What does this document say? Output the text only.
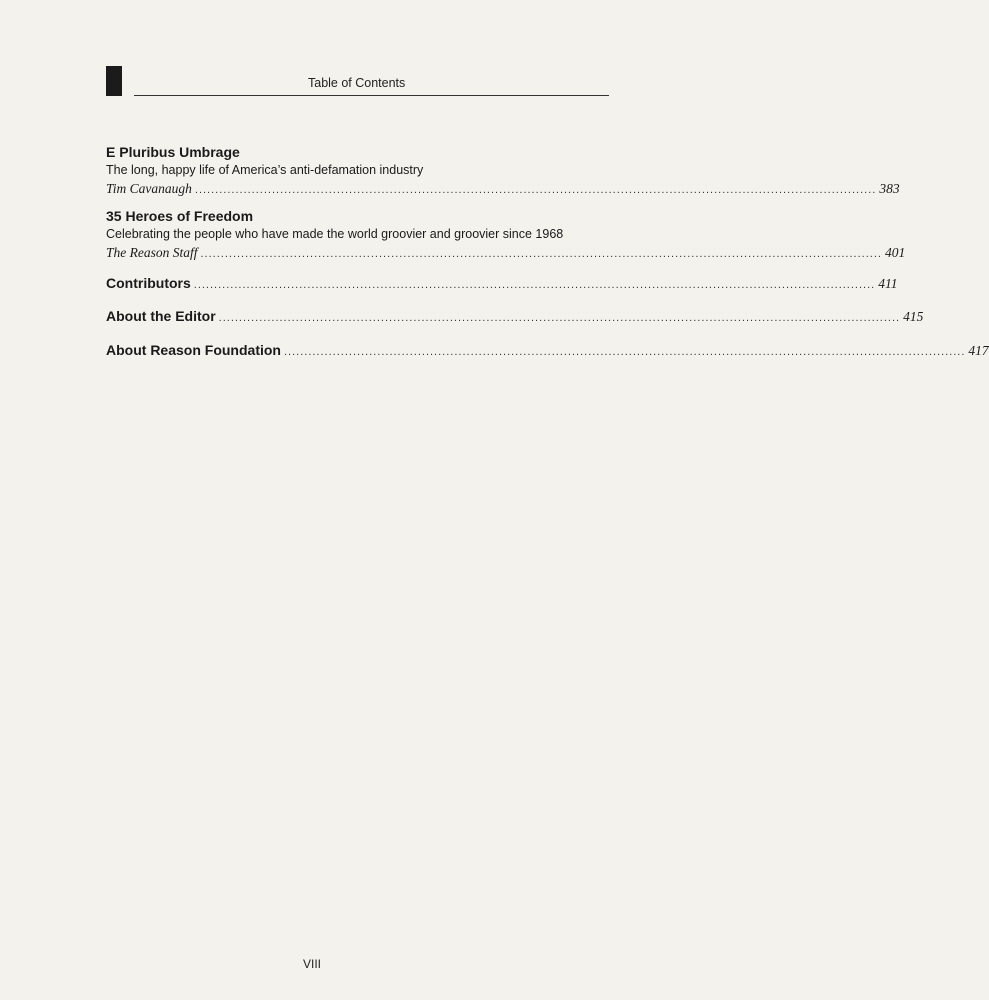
Table of Contents
E Pluribus Umbrage
The long, happy life of America’s anti-defamation industry
Tim Cavanaugh ........................................................................................................................................................................ 383
35 Heroes of Freedom
Celebrating the people who have made the world groovier and groovier since 1968
The Reason Staff ........................................................................................................................................................................ 401
Contributors ........................................................................................................................................................................ 411
About the Editor ........................................................................................................................................................................ 415
About Reason Foundation ........................................................................................................................................................................ 417
VIII
